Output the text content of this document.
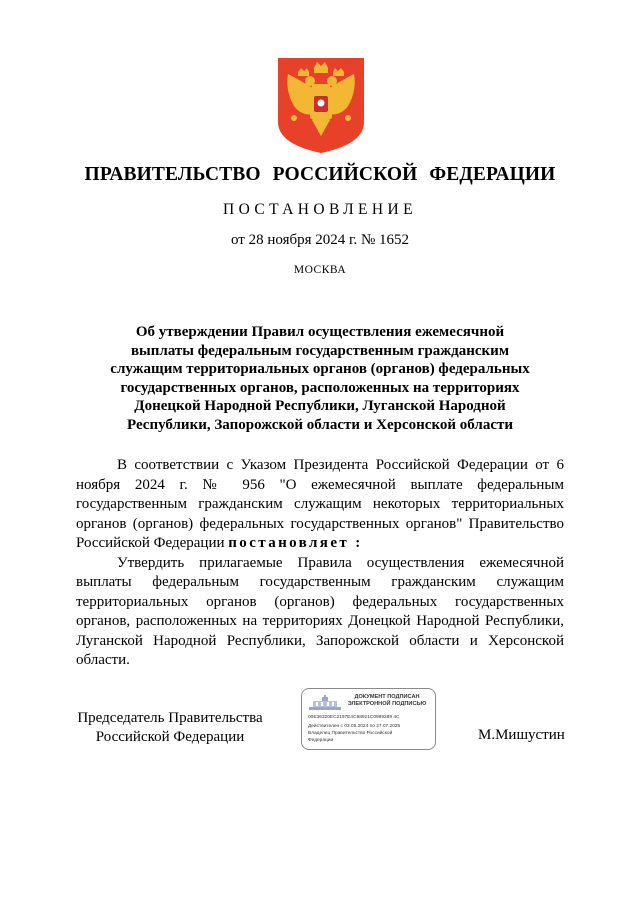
ПРАВИТЕЛЬСТВО РОССИЙСКОЙ ФЕДЕРАЦИИ
ПОСТАНОВЛЕНИЕ
от 28 ноября 2024 г. № 1652
МОСКВА
Об утверждении Правил осуществления ежемесячной
выплаты федеральным государственным гражданским
служащим территориальных органов (органов) федеральных
государственных органов, расположенных на территориях
Донецкой Народной Республики, Луганской Народной
Республики, Запорожской области и Херсонской области

В соответствии с Указом Президента Российской Федерации от 6 ноября 2024 г. № 956 "О ежемесячной выплате федеральным государственным гражданским служащим некоторых территориальных органов (органов) федеральных государственных органов" Правительство Российской Федерации постановляет :

Утвердить прилагаемые Правила осуществления ежемесячной выплаты федеральным государственным гражданским служащим территориальных органов (органов) федеральных государственных органов, расположенных на территориях Донецкой Народной Республики, Луганской Народной Республики, Запорожской области и Херсонской области.

Председатель Правительства
Российской Федерации
ДОКУМЕНТ ПОДПИСАН
ЭЛЕКТРОННОЙ ПОДПИСЬЮ
00E36320EC2197E4C98921C0999289 4C
Действителен с 03.05.2024 по 27.07.2025
Владелец Правительство Российской
Федерации	М.Мишустин
